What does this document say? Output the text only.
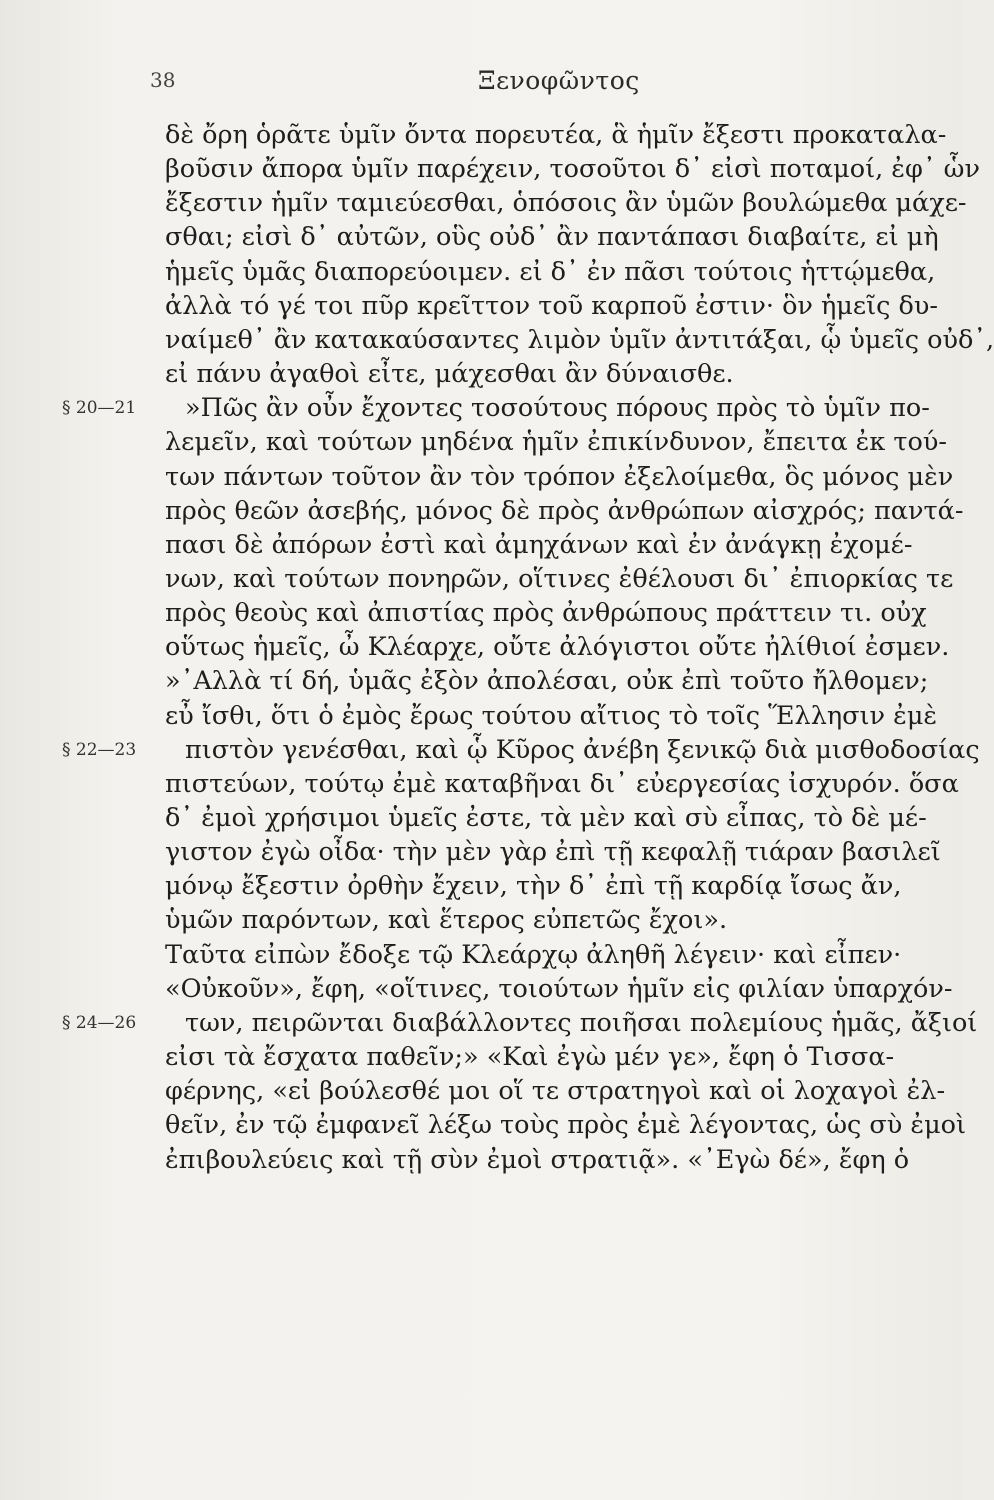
38	Ξενοφῶντος
δὲ ὄρη ὁρᾶτε ὑμῖν ὄντα πορευτέα, ἃ ἡμῖν ἔξεστι προκαταλα-
βοῦσιν ἄπορα ὑμῖν παρέχειν, τοσοῦτοι δ᾽ εἰσὶ ποταμοί, ἐφ᾽ ὧν
ἔξεστιν ἡμῖν ταμιεύεσθαι, ὁπόσοις ἂν ὑμῶν βουλώμεθα μάχε-
σθαι; εἰσὶ δ᾽ αὐτῶν, οὓς οὐδ᾽ ἂν παντάπασι διαβαίτε, εἰ μὴ
ἡμεῖς ὑμᾶς διαπορεύοιμεν. εἰ δ᾽ ἐν πᾶσι τούτοις ἡττῴμεθα,
ἀλλὰ τό γέ τοι πῦρ κρεῖττον τοῦ καρποῦ ἐστιν· ὃν ἡμεῖς δυ-
ναίμεθ᾽ ἂν κατακαύσαντες λιμὸν ὑμῖν ἀντιτάξαι, ᾧ ὑμεῖς οὐδ᾽,
εἰ πάνυ ἀγαθοὶ εἶτε, μάχεσθαι ἂν δύναισθε.
»Πῶς ἂν οὖν ἔχοντες τοσούτους πόρους πρὸς τὸ ὑμῖν πο-
λεμεῖν, καὶ τούτων μηδένα ἡμῖν ἐπικίνδυνον, ἔπειτα ἐκ τού-
των πάντων τοῦτον ἂν τὸν τρόπον ἐξελοίμεθα, ὃς μόνος μὲν
πρὸς θεῶν ἀσεβής, μόνος δὲ πρὸς ἀνθρώπων αἰσχρός; παντά-
πασι δὲ ἀπόρων ἐστὶ καὶ ἀμηχάνων καὶ ἐν ἀνάγκῃ ἐχομέ-
νων, καὶ τούτων πονηρῶν, οἵτινες ἐθέλουσι δι᾽ ἐπιορκίας τε
πρὸς θεοὺς καὶ ἀπιστίας πρὸς ἀνθρώπους πράττειν τι. οὐχ
οὕτως ἡμεῖς, ὦ Κλέαρχε, οὔτε ἀλόγιστοι οὔτε ἠλίθιοί ἐσμεν.
»᾽Αλλὰ τί δή, ὑμᾶς ἐξὸν ἀπολέσαι, οὐκ ἐπὶ τοῦτο ἤλθομεν;
εὖ ἴσθι, ὅτι ὁ ἐμὸς ἔρως τούτου αἴτιος τὸ τοῖς Ἕλλησιν ἐμὲ
πιστὸν γενέσθαι, καὶ ᾧ Κῦρος ἀνέβη ξενικῷ διὰ μισθοδοσίας
πιστεύων, τούτῳ ἐμὲ καταβῆναι δι᾽ εὐεργεσίας ἰσχυρόν. ὅσα
δ᾽ ἐμοὶ χρήσιμοι ὑμεῖς ἐστε, τὰ μὲν καὶ σὺ εἶπας, τὸ δὲ μέ-
γιστον ἐγὼ οἶδα· τὴν μὲν γὰρ ἐπὶ τῇ κεφαλῇ τιάραν βασιλεῖ
μόνῳ ἔξεστιν ὀρθὴν ἔχειν, τὴν δ᾽ ἐπὶ τῇ καρδίᾳ ἴσως ἄν,
ὑμῶν παρόντων, καὶ ἕτερος εὐπετῶς ἔχοι».
Ταῦτα εἰπὼν ἔδοξε τῷ Κλεάρχῳ ἀληθῆ λέγειν· καὶ εἶπεν·
«Οὐκοῦν», ἔφη, «οἵτινες, τοιούτων ἡμῖν εἰς φιλίαν ὑπαρχόν-
των, πειρῶνται διαβάλλοντες ποιῆσαι πολεμίους ἡμᾶς, ἄξιοί
εἰσι τὰ ἔσχατα παθεῖν;» «Καὶ ἐγὼ μέν γε», ἔφη ὁ Τισσα-
φέρνης, «εἰ βούλεσθέ μοι οἵ τε στρατηγοὶ καὶ οἱ λοχαγοὶ ἐλ-
θεῖν, ἐν τῷ ἐμφανεῖ λέξω τοὺς πρὸς ἐμὲ λέγοντας, ὡς σὺ ἐμοὶ
ἐπιβουλεύεις καὶ τῇ σὺν ἐμοὶ στρατιᾷ». «᾽Εγὼ δέ», ἔφη ὁ
§ 20—21
§ 22—23
§ 24—26
